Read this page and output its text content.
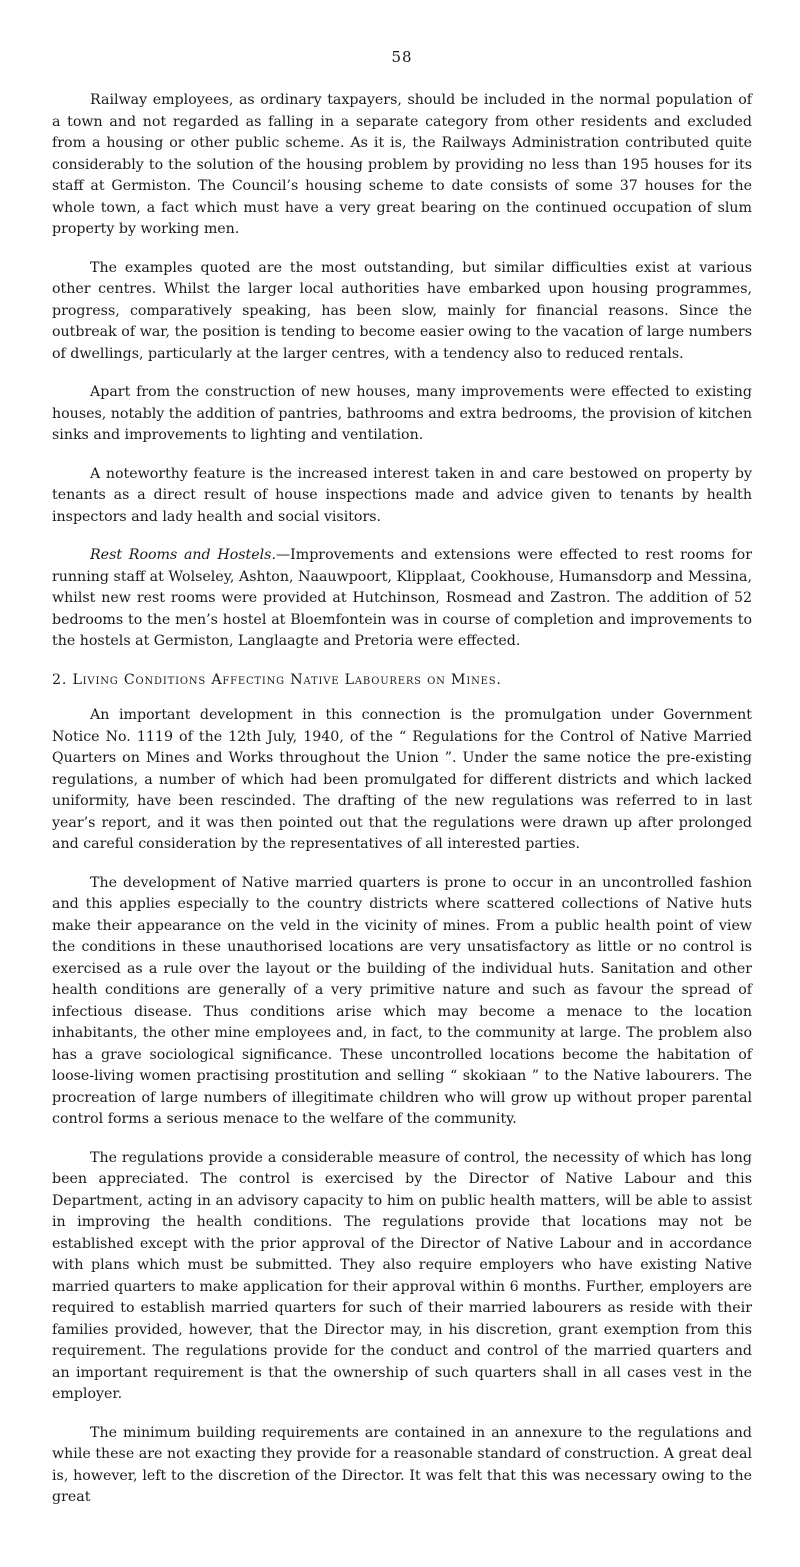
58

Railway employees, as ordinary taxpayers, should be included in the normal population of a town and not regarded as falling in a separate category from other residents and excluded from a housing or other public scheme. As it is, the Railways Administration contributed quite considerably to the solution of the housing problem by providing no less than 195 houses for its staff at Germiston. The Council’s housing scheme to date consists of some 37 houses for the whole town, a fact which must have a very great bearing on the continued occupation of slum property by working men.

The examples quoted are the most outstanding, but similar difficulties exist at various other centres. Whilst the larger local authorities have embarked upon housing programmes, progress, comparatively speaking, has been slow, mainly for financial reasons. Since the outbreak of war, the position is tending to become easier owing to the vacation of large numbers of dwellings, particularly at the larger centres, with a tendency also to reduced rentals.

Apart from the construction of new houses, many improvements were effected to existing houses, notably the addition of pantries, bathrooms and extra bedrooms, the provision of kitchen sinks and improvements to lighting and ventilation.

A noteworthy feature is the increased interest taken in and care bestowed on property by tenants as a direct result of house inspections made and advice given to tenants by health inspectors and lady health and social visitors.

Rest Rooms and Hostels.—Improvements and extensions were effected to rest rooms for running staff at Wolseley, Ashton, Naauwpoort, Klipplaat, Cookhouse, Humansdorp and Messina, whilst new rest rooms were provided at Hutchinson, Rosmead and Zastron. The addition of 52 bedrooms to the men’s hostel at Bloemfontein was in course of completion and improvements to the hostels at Germiston, Langlaagte and Pretoria were effected.

2. Living Conditions Affecting Native Labourers on Mines.

An important development in this connection is the promulgation under Government Notice No. 1119 of the 12th July, 1940, of the “ Regulations for the Control of Native Married Quarters on Mines and Works throughout the Union ”. Under the same notice the pre-existing regulations, a number of which had been promulgated for different districts and which lacked uniformity, have been rescinded. The drafting of the new regulations was referred to in last year’s report, and it was then pointed out that the regulations were drawn up after prolonged and careful consideration by the representatives of all interested parties.

The development of Native married quarters is prone to occur in an uncontrolled fashion and this applies especially to the country districts where scattered collections of Native huts make their appearance on the veld in the vicinity of mines. From a public health point of view the conditions in these unauthorised locations are very unsatisfactory as little or no control is exercised as a rule over the layout or the building of the individual huts. Sanitation and other health conditions are generally of a very primitive nature and such as favour the spread of infectious disease. Thus conditions arise which may become a menace to the location inhabitants, the other mine employees and, in fact, to the community at large. The problem also has a grave sociological significance. These uncontrolled locations become the habitation of loose-living women practising prostitution and selling “ skokiaan ” to the Native labourers. The procreation of large numbers of illegitimate children who will grow up without proper parental control forms a serious menace to the welfare of the community.

The regulations provide a considerable measure of control, the necessity of which has long been appreciated. The control is exercised by the Director of Native Labour and this Department, acting in an advisory capacity to him on public health matters, will be able to assist in improving the health conditions. The regulations provide that locations may not be established except with the prior approval of the Director of Native Labour and in accordance with plans which must be submitted. They also require employers who have existing Native married quarters to make application for their approval within 6 months. Further, employers are required to establish married quarters for such of their married labourers as reside with their families provided, however, that the Director may, in his discretion, grant exemption from this requirement. The regulations provide for the conduct and control of the married quarters and an important requirement is that the ownership of such quarters shall in all cases vest in the employer.

The minimum building requirements are contained in an annexure to the regulations and while these are not exacting they provide for a reasonable standard of construction. A great deal is, however, left to the discretion of the Director. It was felt that this was necessary owing to the great
